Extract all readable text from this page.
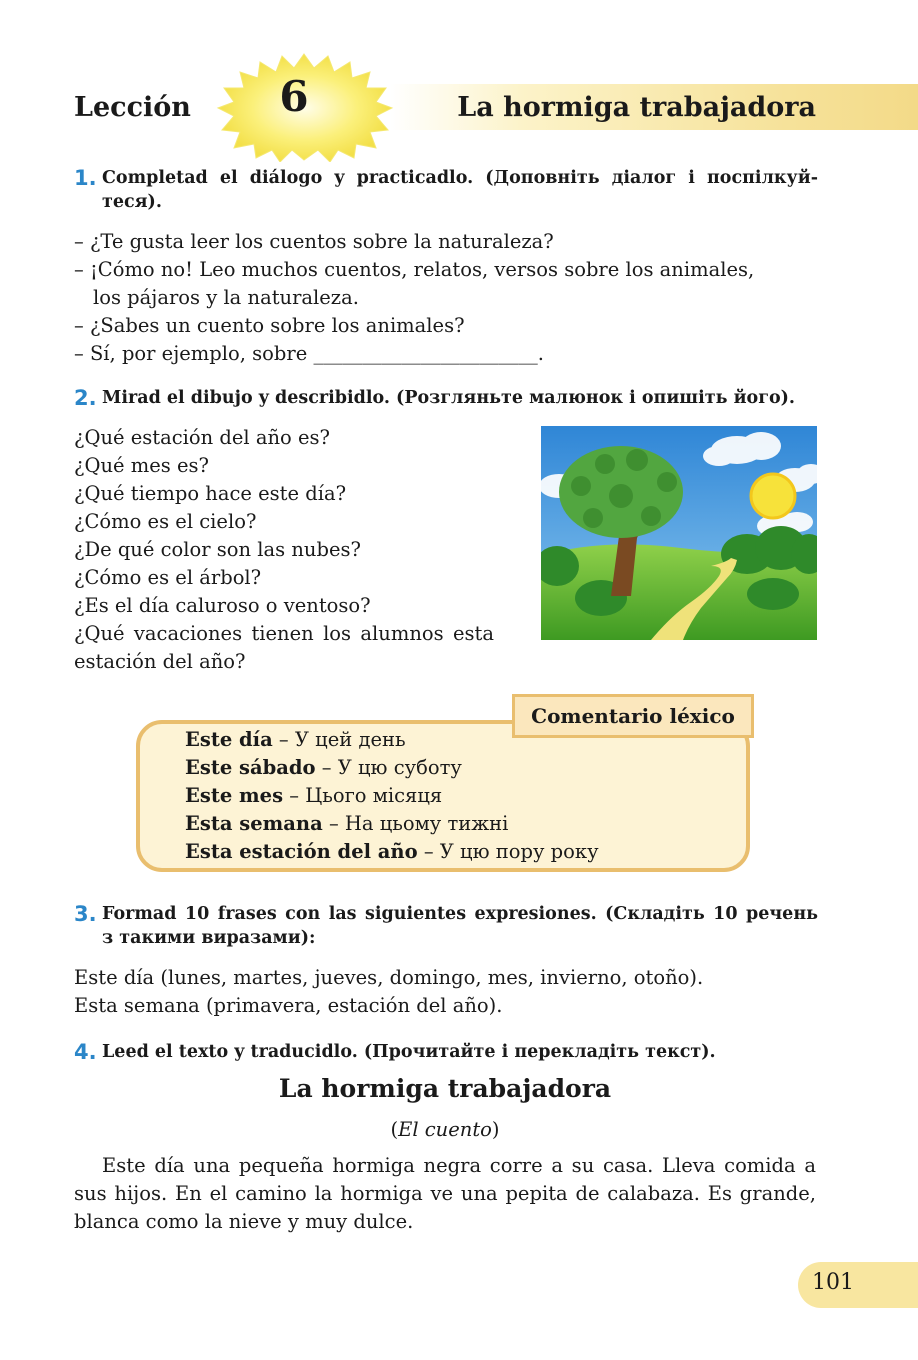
Lección	6	La hormiga trabajadora
1. Completad el diálogo y practicadlo. (Доповніть діалог і поспілкуй-
теся).
– ¿Te gusta leer los cuentos sobre la naturaleza?
– ¡Cómo no! Leo muchos cuentos, relatos, versos sobre los animales,
los pájaros y la naturaleza.
– ¿Sabes un cuento sobre los animales?
– Sí, por ejemplo, sobre _______________________.
2. Mirad el dibujo y describidlo. (Розгляньте малюнок і опишіть його).
¿Qué estación del año es?
¿Qué mes es?
¿Qué tiempo hace este día?
¿Cómo es el cielo?
¿De qué color son las nubes?
¿Cómo es el árbol?
¿Es el día caluroso o ventoso?
¿Qué vacaciones tienen los alumnos esta estación del año?
Comentario léxico
Este día – У цей день
Este sábado – У цю суботу
Este mes – Цього місяця
Esta semana – На цьому тижні
Esta estación del año – У цю пору року
3. Formad 10 frases con las siguientes expresiones. (Складіть 10 речень
з такими виразами):
Este día (lunes, martes, jueves, domingo, mes, invierno, otoño).
Esta semana (primavera, estación del año).
4. Leed el texto y traducidlo. (Прочитайте і перекладіть текст).
La hormiga trabajadora
(El cuento)
Este día una pequeña hormiga negra corre a su casa. Lleva comida a sus hijos. En el camino la hormiga ve una pepita de calabaza. Es grande, blanca como la nieve y muy dulce.
101
